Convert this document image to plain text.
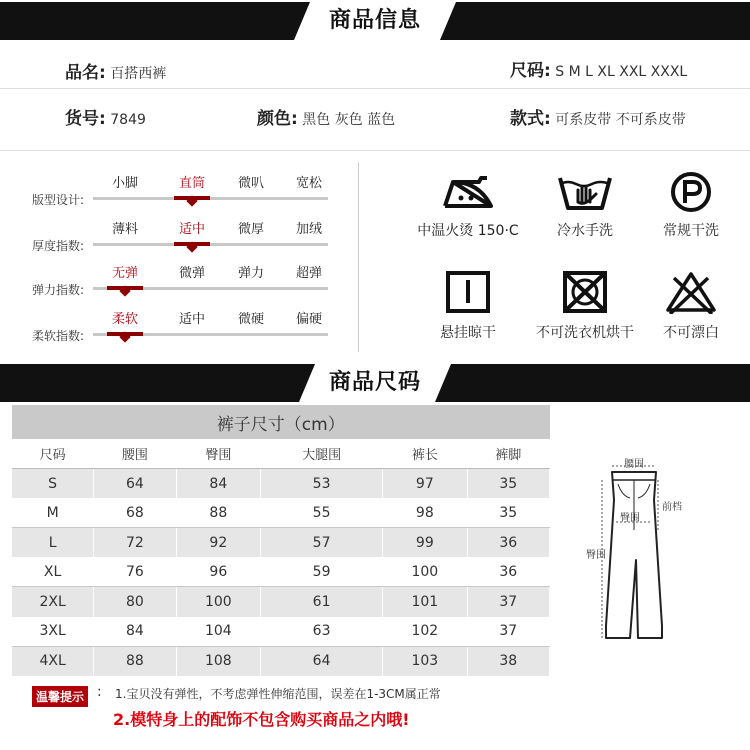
商品信息
品名: 百搭西裤	尺码: S M L XL XXL XXXL
货号: 7849	颜色: 黑色 灰色 蓝色	款式: 可系皮带 不可系皮带
版型设计:
小脚	直筒	微叭	宽松
厚度指数:
薄料	适中	微厚	加绒
弹力指数:
无弹	微弹	弹力	超弹
柔软指数:
柔软	适中	微硬	偏硬
中温火烫 150·C	冷水手洗	常规干洗
悬挂晾干	不可洗衣机烘干	不可漂白
商品尺码
裤子尺寸（cm）					
尺码	腰围	臀围	大腿围	裤长	裤脚
S	64	84	53	97	35
M	68	88	55	98	35
L	72	92	57	99	36
XL	76	96	59	100	36
2XL	80	100	61	101	37
3XL	84	104	63	102	37
4XL	88	108	64	103	38
腰围
前档
臀围
臀围
温馨提示 : 1.宝贝没有弹性，不考虑弹性伸缩范围，误差在1-3CM属正常
2.模特身上的配饰不包含购买商品之内哦!
